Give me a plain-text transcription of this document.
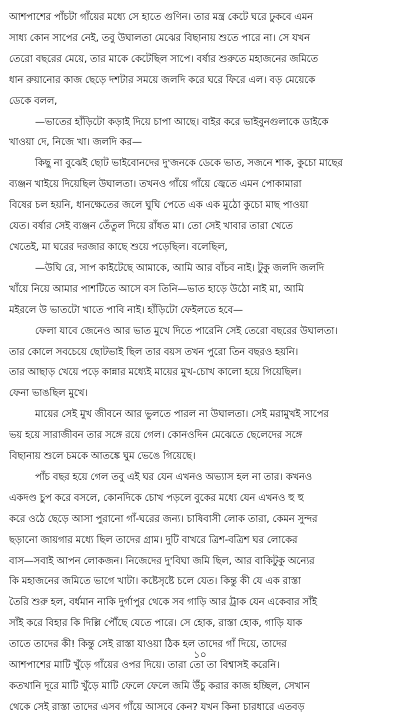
আশপাশের পাঁচটা গাঁয়ের মধ্যে সে হাতে গুণিন। তার মন্ত্র কেটে ঘরে ঢুকবে এমন
সাধ্য কোন সাপের নেই, তবু উঘালতা মেঝের বিছানায় শুতে পারে না। সে যখন
তেরো বছরের মেয়ে, তার মাকে কেটেছিল সাপে। বর্ষার শুরুতে মহাজনের জমিতে
ধান রুয়ানোর কাজ ছেড়ে দশটার সময়ে জলদি করে ঘরে ফিরে এল। বড় মেয়েকে
ডেকে বলল,
—ভাতের হাঁড়িটো কড়াই দিয়ে চাপা আছে। বাইর করে ভাইবুনগুলাকে ডাইকে
খাওয়া দে, নিজে খা। জলদি কর—
কিছু না বুঝেই ছোট ভাইবোনদের দু'জনকে ডেকে ভাত, সজনে শাক, কুচো মাছের
ব্যঞ্জন খাইয়ে দিয়েছিল উঘালতা। তখনও গাঁয়ে গাঁয়ে জ্বেতে এমন পোকামারা
বিষের চল হয়নি, ধানক্ষেতের জলে ঘুঘি পেতে এক এক মুঠো কুচো মাছ পাওয়া
যেত। বর্ষার সেই ব্যঞ্জন তেঁতুল দিয়ে রাঁধত মা। তো সেই খাবার তারা খেতে
খেতেই, মা ঘরের দরজার কাছে শুয়ে পড়েছিল। বলেছিল,
—উঘি রে, সাপ কাইটেছে আমাকে, আমি আর বাঁচব নাই। টুকু জলদি জলদি
খাঁয়ে নিয়ে আমার পাশটিতে আসে বস তিনি—ভাত হাড়ে উঠো নাই মা, আমি
মইরলে উ ভাতটো খাতে পাবি নাই। হাঁড়িটো ফেইলতে হবে—
ফেলা যাবে জেনেও আর ভাত মুখে দিতে পারেনি সেই তেরো বছরের উঘালতা।
তার কোলে সবচেয়ে ছোটভাই ছিল তার বয়স তখন পুরো তিন বছরও হয়নি।
তার আছাড় খেয়ে পড়ে কান্নার মধ্যেই মায়ের মুখ-চোখ কালো হয়ে গিয়েছিল।
ফেনা ভাঙছিল মুখে।
মায়ের সেই মুখ জীবনে আর ভুলতে পারল না উঘালতা। সেই মরামুখই সাপের
ভয় হয়ে সারাজীবন তার সঙ্গে রয়ে গেল। কোনওদিন মেঝেতে ছেলেদের সঙ্গে
বিছানায় শুলে চমকে আতঙ্কে ঘুম ভেঙে গিয়েছে।
পাঁচ বছর হয়ে গেল তবু এই ঘর যেন এখনও অভ্যাস হল না তার। কখনও
একদণ্ড চুপ করে বসলে, কোনদিকে চোখ পড়লে বুকের মধ্যে যেন এখনও হু হু
করে ওঠে ছেড়ে আসা পুরানো গাঁ-ঘরের জন্য। চাষিবাসী লোক তারা, কেমন সুন্দর
ছড়ানো জায়গার মধ্যে ছিল তাদের গ্রাম। দুটি বাখরে ত্রিশ-বত্রিশ ঘর লোকের
বাস—সবাই আপন লোকজন। নিজেদের দু'বিঘা জমি ছিল, আর বাকিটুকু অন্যের
কি মহাজনের জমিতে ভাগে খাটা। কষ্টেসৃষ্টে চলে যেত। কিন্তু কী যে এক রাস্তা
তৈরি শুরু হল, বর্ধমান নাকি দুর্গাপুর থেকে সব গাড়ি আর ট্রাক যেন একেবার সাঁই
সাঁই করে বিহার কি দিল্লি পৌঁছে যেতে পারে। সে হোক, রাস্তা হোক, গাড়ি যাক
তাতে তাদের কী! কিন্তু সেই রাস্তা যাওয়া ঠিক হল তাদের গাঁ দিয়ে, তাদের
আশপাশের মাটি খুঁড়ে গাঁয়ের ওপর দিয়ে। তারা তো তা বিশ্বাসই করেনি।
কতখানি দূরে মাটি খুঁড়ে মাটি ফেলে ফেলে জমি উঁচু করার কাজ হচ্ছিল, সেখান
থেকে সেই রাস্তা তাদের এসব গাঁয়ে আসবে কেন? যখন কিনা চারধারে এতবড়
১০
